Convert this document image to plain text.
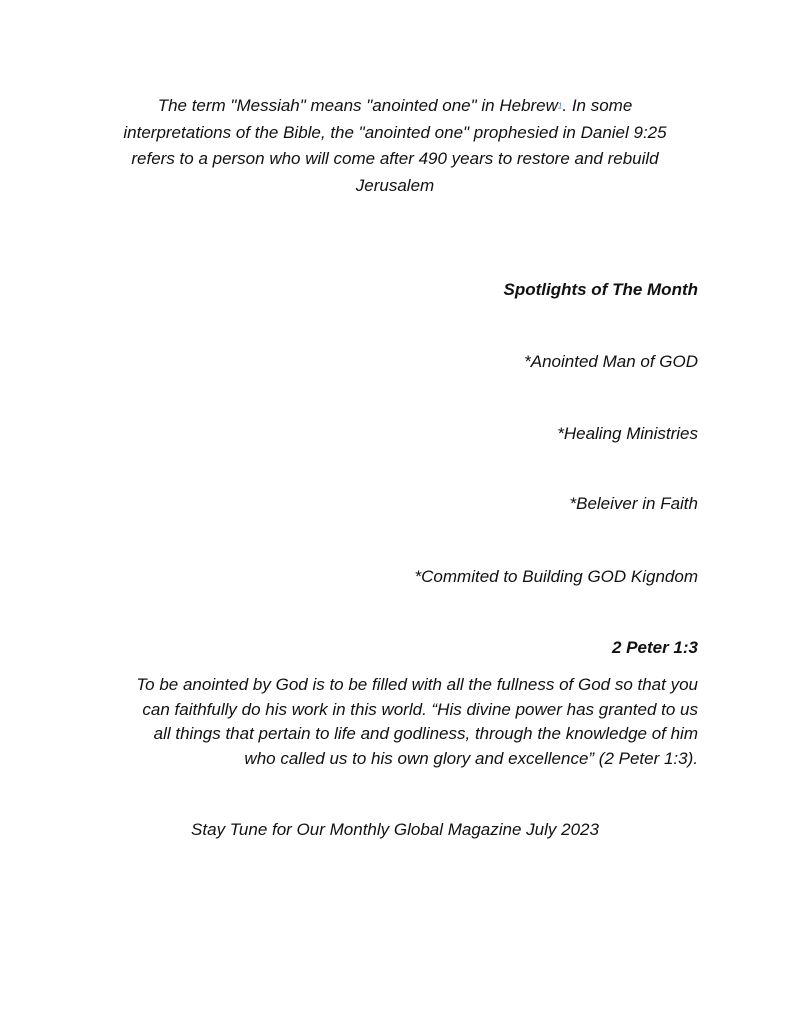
The term "Messiah" means "anointed one" in Hebrew1. In some
interpretations of the Bible, the "anointed one" prophesied in Daniel 9:25
refers to a person who will come after 490 years to restore and rebuild
Jerusalem
Spotlights of The Month
*Anointed Man of GOD
*Healing Ministries
*Beleiver in Faith
*Commited to Building GOD Kigndom
2 Peter 1:3
To be anointed by God is to be filled with all the fullness of God so that you
can faithfully do his work in this world. “His divine power has granted to us
all things that pertain to life and godliness, through the knowledge of him
who called us to his own glory and excellence” (2 Peter 1:3).
Stay Tune for Our Monthly Global Magazine July 2023
